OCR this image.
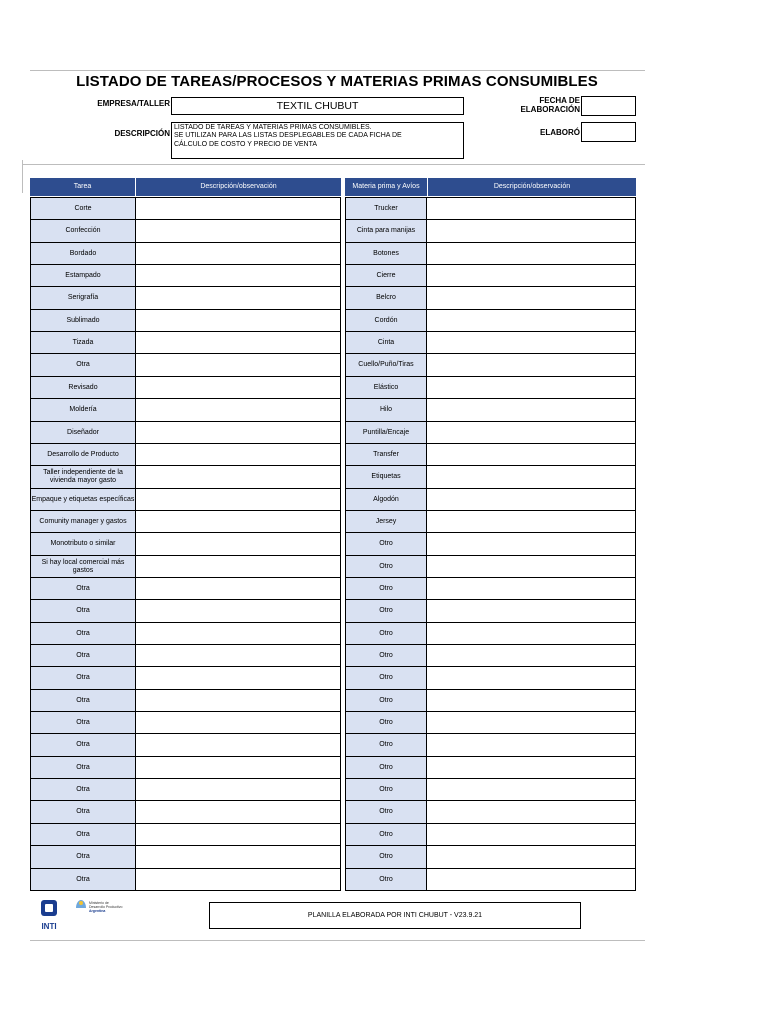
LISTADO DE TAREAS/PROCESOS Y MATERIAS PRIMAS CONSUMIBLES
EMPRESA/TALLER	TEXTIL CHUBUT
DESCRIPCIÓN
LISTADO DE TAREAS Y MATERIAS PRIMAS CONSUMIBLES.
SE UTILIZAN PARA LAS LISTAS DESPLEGABLES DE CADA FICHA DE
CÁLCULO DE COSTO Y PRECIO DE VENTA
FECHA DE
ELABORACIÓN
ELABORÓ
Tarea	Descripción/observación
Corte
Confección
Bordado
Estampado
Serigrafía
Sublimado
Tizada
Otra
Revisado
Moldería
Diseñador
Desarrollo de Producto
Taller independiente de la vivienda mayor gasto
Empaque y etiquetas específicas
Comunity manager y gastos
Monotributo o similar
Si hay local comercial más gastos
Otra
Otra
Otra
Otra
Otra
Otra
Otra
Otra
Otra
Otra
Otra
Otra
Otra
Otra
Materia prima y Avíos	Descripción/observación
Trucker
Cinta para manijas
Botones
Cierre
Belcro
Cordón
Cinta
Cuello/Puño/Tiras
Elástico
Hilo
Puntilla/Encaje
Transfer
Etiquetas
Algodón
Jersey
Otro
Otro
Otro
Otro
Otro
Otro
Otro
Otro
Otro
Otro
Otro
Otro
Otro
Otro
Otro
Otro
INTI
Ministerio de
Desarrollo Productivo
Argentina
PLANILLA ELABORADA POR INTI CHUBUT - V23.9.21
